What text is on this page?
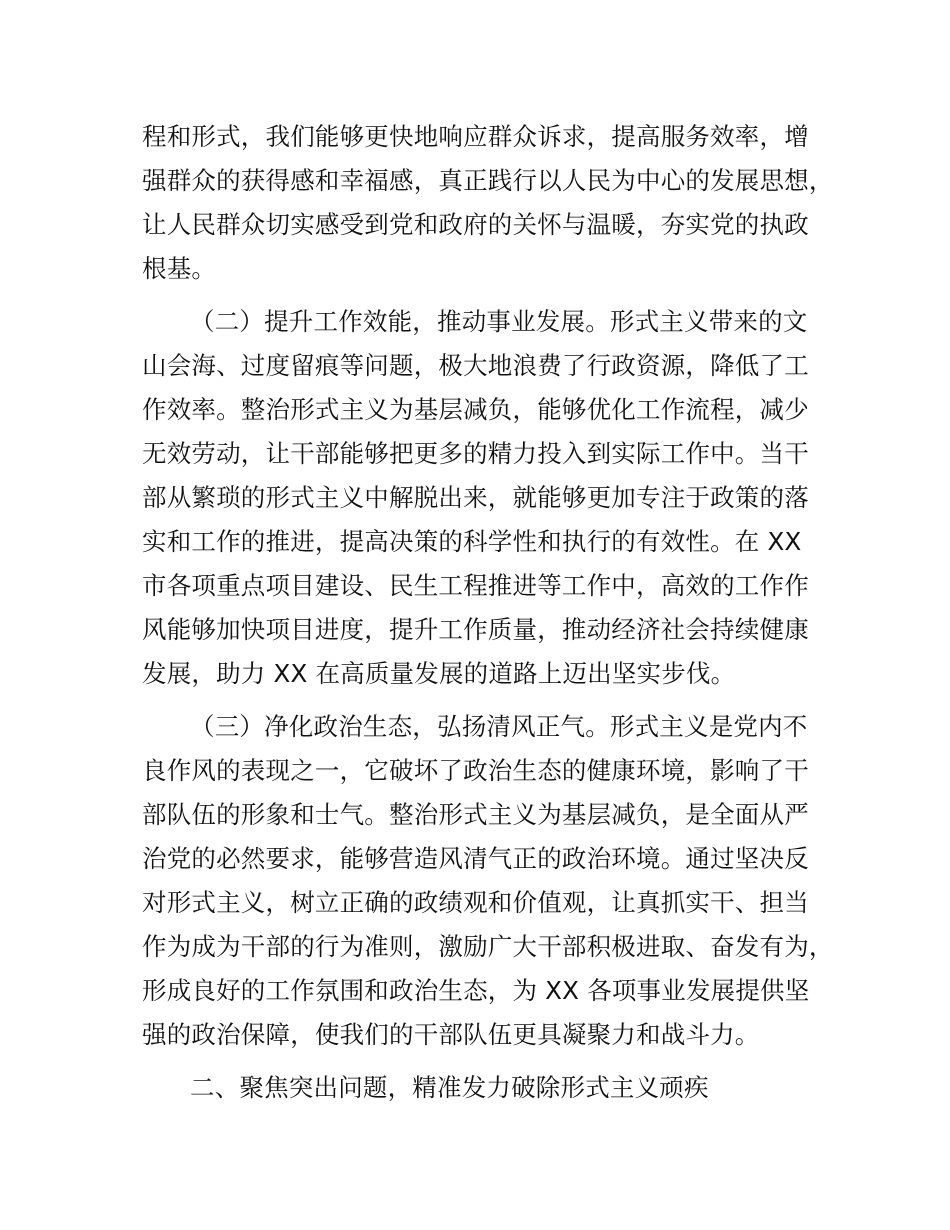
程和形式，我们能够更快地响应群众诉求，提高服务效率，增
强群众的获得感和幸福感，真正践行以人民为中心的发展思想，
让人民群众切实感受到党和政府的关怀与温暖，夯实党的执政
根基。
（二）提升工作效能，推动事业发展。形式主义带来的文
山会海、过度留痕等问题，极大地浪费了行政资源，降低了工
作效率。整治形式主义为基层减负，能够优化工作流程，减少
无效劳动，让干部能够把更多的精力投入到实际工作中。当干
部从繁琐的形式主义中解脱出来，就能够更加专注于政策的落
实和工作的推进，提高决策的科学性和执行的有效性。在 XX
市各项重点项目建设、民生工程推进等工作中，高效的工作作
风能够加快项目进度，提升工作质量，推动经济社会持续健康
发展，助力 XX 在高质量发展的道路上迈出坚实步伐。
（三）净化政治生态，弘扬清风正气。形式主义是党内不
良作风的表现之一，它破坏了政治生态的健康环境，影响了干
部队伍的形象和士气。整治形式主义为基层减负，是全面从严
治党的必然要求，能够营造风清气正的政治环境。通过坚决反
对形式主义，树立正确的政绩观和价值观，让真抓实干、担当
作为成为干部的行为准则，激励广大干部积极进取、奋发有为，
形成良好的工作氛围和政治生态，为 XX 各项事业发展提供坚
强的政治保障，使我们的干部队伍更具凝聚力和战斗力。
二、聚焦突出问题，精准发力破除形式主义顽疾
